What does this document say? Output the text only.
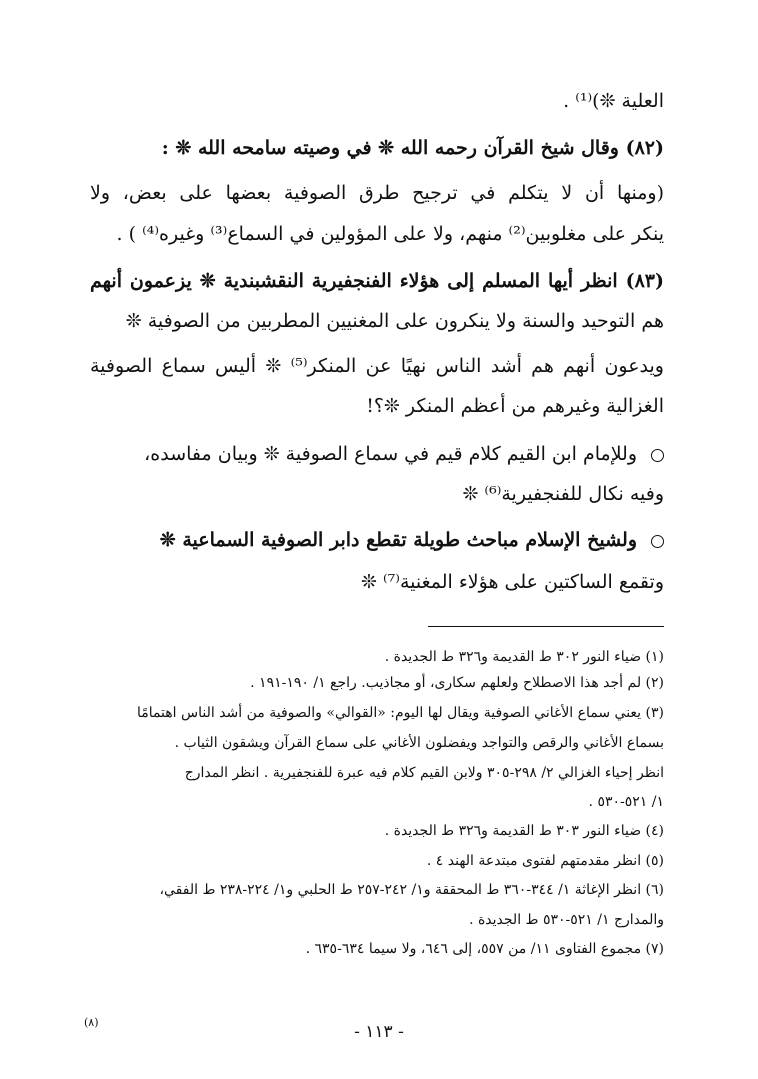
العلية ❊)⁽¹⁾ .
(٨٢) وقال شيخ القرآن رحمه الله ❊ في وصيته سامحه الله ❊ :
(ومنها أن لا يتكلم في ترجيح طرق الصوفية بعضها على بعض، ولا
ينكر على مغلوبين⁽²⁾ منهم، ولا على المؤولين في السماع⁽³⁾ وغيره⁽⁴⁾ ) .
(٨٣) انظر أيها المسلم إلى هؤلاء الفنجفيرية النقشبندية ❊ يزعمون أنهم
هم التوحيد والسنة ولا ينكرون على المغنيين المطربين من الصوفية ❊
ويدعون أنهم هم أشد الناس نهيًا عن المنكر⁽⁵⁾ ❊ أليس سماع الصوفية
الغزالية وغيرهم من أعظم المنكر ❊؟!
وللإمام ابن القيم كلام قيم في سماع الصوفية ❊ وبيان مفاسده،
وفيه نكال للفنجفيرية⁽⁶⁾ ❊
ولشيخ الإسلام مباحث طويلة تقطع دابر الصوفية السماعية ❊
وتقمع الساكتين على هؤلاء المغنية⁽⁷⁾ ❊
(١) ضياء النور ٣٠٢ ط القديمة و٣٢٦ ط الجديدة .
(٢) لم أجد هذا الاصطلاح ولعلهم سكارى، أو مجاذيب. راجع ١/ ١٩٠-١٩١ .
(٣) يعني سماع الأغاني الصوفية ويقال لها اليوم: «القوالي» والصوفية من أشد الناس اهتمامًا
بسماع الأغاني والرقص والتواجد ويفضلون الأغاني على سماع القرآن ويشقون الثياب .
انظر إحياء الغزالي ٢/ ٢٩٨-٣٠٥ ولابن القيم كلام فيه عبرة للفنجفيرية . انظر المدارج
١/ ٥٢١-٥٣٠ .
(٤) ضياء النور ٣٠٣ ط القديمة و٣٢٦ ط الجديدة .
(٥) انظر مقدمتهم لفتوى مبتدعة الهند ٤ .
(٦) انظر الإغاثة ١/ ٣٤٤-٣٦٠ ط المحققة و١/ ٢٤٢-٢٥٧ ط الحلبي و١/ ٢٢٤-٢٣٨ ط الفقي،
والمدارج ١/ ٥٢١-٥٣٠ ط الجديدة .
(٧) مجموع الفتاوى ١١/ من ٥٥٧، إلى ٦٤٦، ولا سيما ٦٣٤-٦٣٥ .
- ١١٣ -
(٨)
